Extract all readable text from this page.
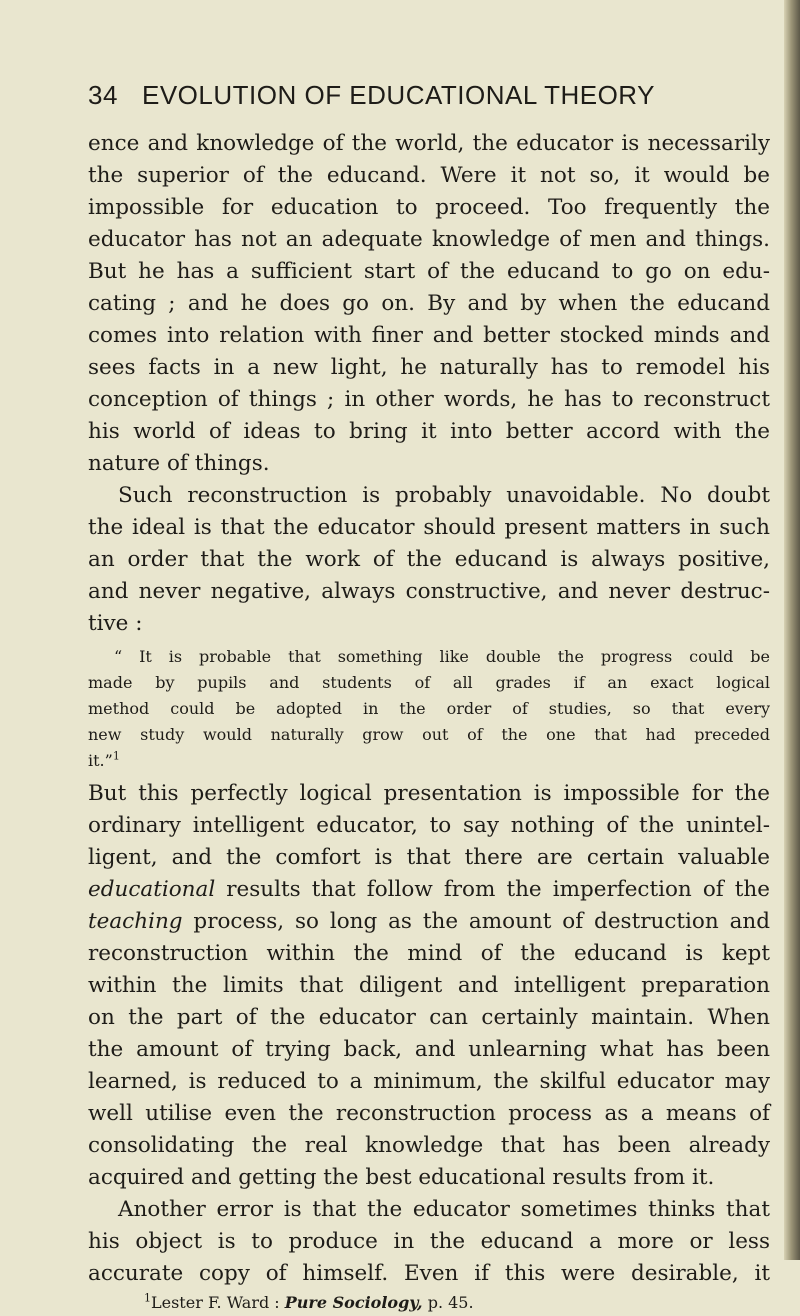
34 EVOLUTION OF EDUCATIONAL THEORY
ence and knowledge of the world, the educator is necessarily
the superior of the educand. Were it not so, it would be
impossible for education to proceed. Too frequently the
educator has not an adequate knowledge of men and things.
But he has a sufficient start of the educand to go on edu-
cating ; and he does go on. By and by when the educand
comes into relation with finer and better stocked minds and
sees facts in a new light, he naturally has to remodel his
conception of things ; in other words, he has to reconstruct
his world of ideas to bring it into better accord with the
nature of things.
Such reconstruction is probably unavoidable. No doubt
the ideal is that the educator should present matters in such
an order that the work of the educand is always positive,
and never negative, always constructive, and never destruc-
tive :
“ It is probable that something like double the progress could be
made by pupils and students of all grades if an exact logical
method could be adopted in the order of studies, so that every
new study would naturally grow out of the one that had preceded
it.”$^1$
But this perfectly logical presentation is impossible for the
ordinary intelligent educator, to say nothing of the unintel-
ligent, and the comfort is that there are certain valuable
educational results that follow from the imperfection of the
teaching process, so long as the amount of destruction and
reconstruction within the mind of the educand is kept
within the limits that diligent and intelligent preparation
on the part of the educator can certainly maintain. When
the amount of trying back, and unlearning what has been
learned, is reduced to a minimum, the skilful educator may
well utilise even the reconstruction process as a means of
consolidating the real knowledge that has been already
acquired and getting the best educational results from it.
Another error is that the educator sometimes thinks that
his object is to produce in the educand a more or less
accurate copy of himself. Even if this were desirable, it
$^1$Lester F. Ward : Pure Sociology, p. 45.
